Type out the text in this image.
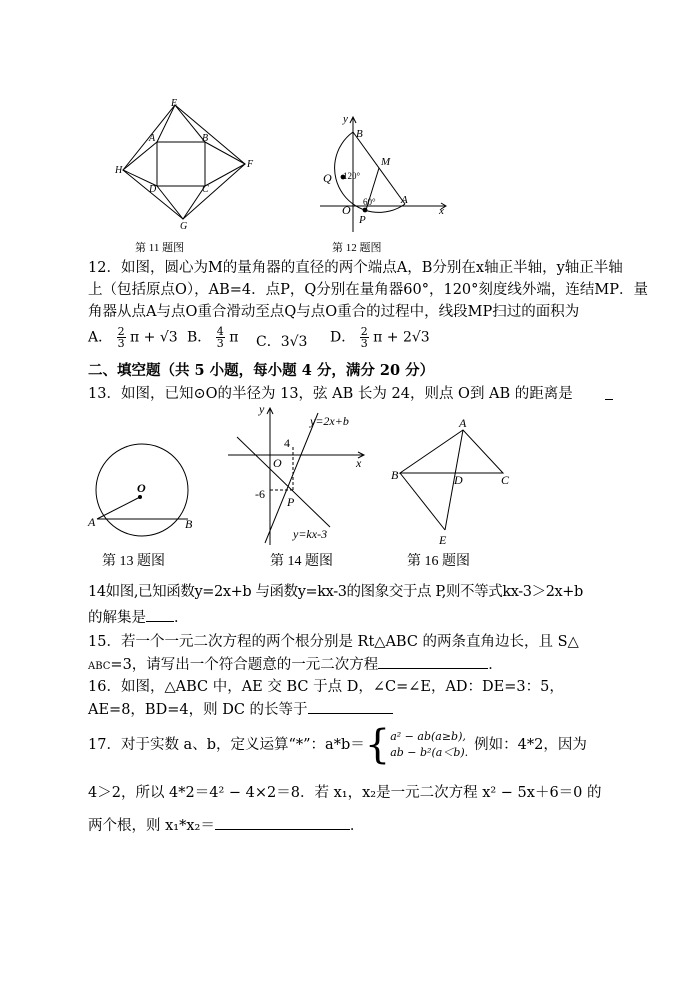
E
A	B
H
F
D	C
G
第 11 题图
y
B
M
Q 120°
O
P
60° A
x
第 12 题图
12．如图，圆心为M的量角器的直径的两个端点A，B分别在x轴正半轴，y轴正半轴
上（包括原点O），AB=4．点P，Q分别在量角器60°，120°刻度线外端，连结MP．量
角器从点A与点O重合滑动至点Q与点O重合的过程中，线段MP扫过的面积为
A． $\frac{2}{3}$ π + √3 B． $\frac{4}{3}$ π C．3√3 D． $\frac{2}{3}$ π + 2√3
二、填空题（共 5 小题，每小题 4 分，满分 20 分）
13．如图，已知⊙O的半径为 13，弦 AB 长为 24，则点 O到 AB 的距离是
O
A	B
第 13 题图
y
y=2x+b
4
O	x
-6
P
y=kx-3
第 14 题图
A
B	D	C
E
第 16 题图
14如图,已知函数y=2x+b 与函数y=kx-3的图象交于点 P,则不等式kx-3＞2x+b
的解集是 ．
15．若一个一元二次方程的两个根分别是 Rt△ABC 的两条直角边长，且 S△
ABC=3，请写出一个符合题意的一元二次方程	．
16．如图，△ABC 中，AE 交 BC 于点 D，∠C=∠E，AD：DE=3：5，
AE=8，BD=4，则 DC 的长等于
17．对于实数 a、b，定义运算“*”：a*b＝ { a² − ab(a≥b),
ab − b²(a＜b). 例如：4*2，因为
4＞2，所以 4*2＝4² − 4×2＝8．若 x₁，x₂是一元二次方程 x² − 5x＋6＝0 的
两个根，则 x₁*x₂＝	．
